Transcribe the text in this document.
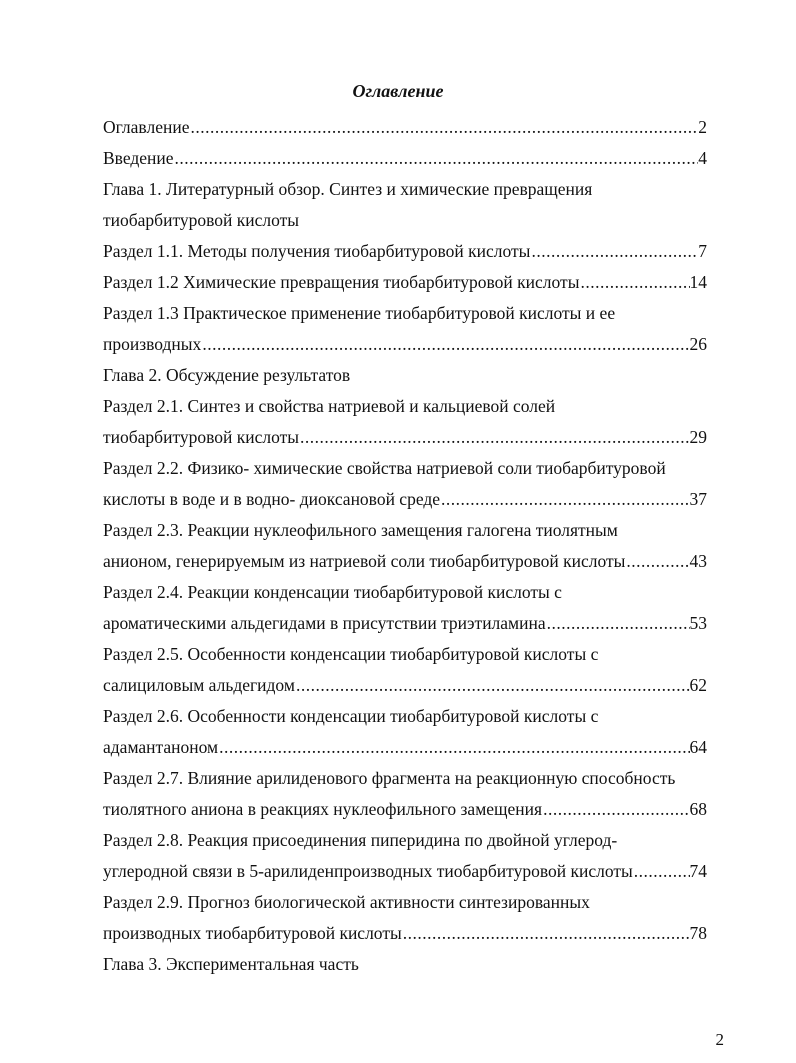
Оглавление
Оглавление .....	2
Введение .....	4
Глава 1. Литературный обзор. Синтез и химические превращения
тиобарбитуровой кислоты
Раздел 1.1. Методы получения тиобарбитуровой кислоты .....	7
Раздел 1.2 Химические превращения тиобарбитуровой кислоты .....	14
Раздел 1.3 Практическое применение тиобарбитуровой кислоты и ее
производных .....	26
Глава 2. Обсуждение результатов
Раздел 2.1. Синтез и свойства натриевой и кальциевой солей
тиобарбитуровой кислоты .....	29
Раздел 2.2. Физико- химические свойства натриевой соли тиобарбитуровой
кислоты в воде и в водно- диоксановой среде .....	37
Раздел 2.3. Реакции нуклеофильного замещения галогена тиолятным
анионом, генерируемым из натриевой соли тиобарбитуровой кислоты .....	43
Раздел 2.4. Реакции конденсации тиобарбитуровой кислоты с
ароматическими альдегидами в присутствии триэтиламина .....	53
Раздел 2.5. Особенности конденсации тиобарбитуровой кислоты с
салициловым альдегидом .....	62
Раздел 2.6. Особенности конденсации тиобарбитуровой кислоты с
адамантаноном .....	64
Раздел 2.7. Влияние арилиденового фрагмента на реакционную способность
тиолятного аниона в реакциях нуклеофильного замещения .....	68
Раздел 2.8. Реакция присоединения пиперидина по двойной углерод-
углеродной связи в 5-арилиденпроизводных тиобарбитуровой кислоты .....	74
Раздел 2.9. Прогноз биологической активности синтезированных
производных тиобарбитуровой кислоты .....	78
Глава 3. Экспериментальная часть
2
